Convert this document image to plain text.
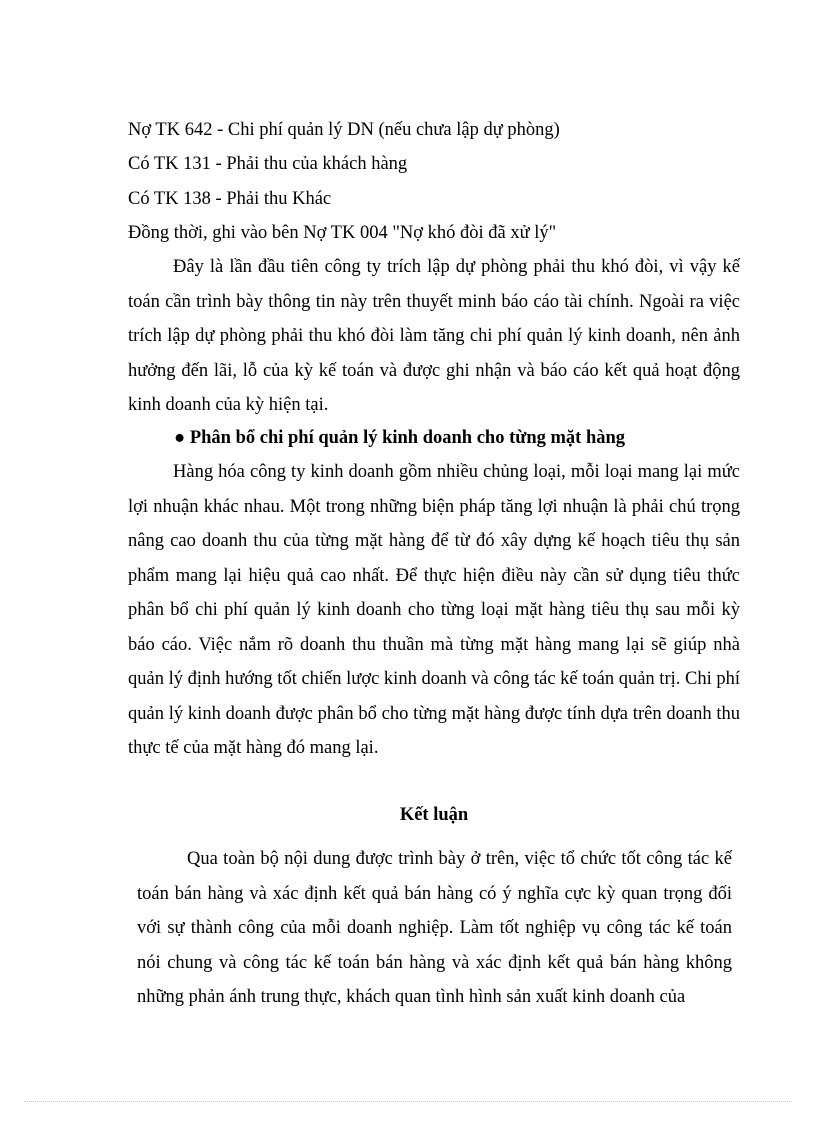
Nợ TK 642 - Chi phí quản lý DN (nếu chưa lập dự phòng)
Có TK 131 - Phải thu của khách hàng
Có TK 138 - Phải thu Khác
Đồng thời, ghi vào bên Nợ TK 004 "Nợ khó đòi đã xử lý"

Đây là lần đầu tiên công ty trích lập dự phòng phải thu khó đòi, vì vậy kế toán cần trình bày thông tin này trên thuyết minh báo cáo tài chính. Ngoài ra việc trích lập dự phòng phải thu khó đòi làm tăng chi phí quản lý kinh doanh, nên ảnh hưởng đến lãi, lỗ của kỳ kế toán và được ghi nhận và báo cáo kết quả hoạt động kinh doanh của kỳ hiện tại.

● Phân bổ chi phí quản lý kinh doanh cho từng mặt hàng

Hàng hóa công ty kinh doanh gồm nhiều chủng loại, mỗi loại mang lại mức lợi nhuận khác nhau. Một trong những biện pháp tăng lợi nhuận là phải chú trọng nâng cao doanh thu của từng mặt hàng để từ đó xây dựng kế hoạch tiêu thụ sản phẩm mang lại hiệu quả cao nhất. Để thực hiện điều này cần sử dụng tiêu thức phân bổ chi phí quản lý kinh doanh cho từng loại mặt hàng tiêu thụ sau mỗi kỳ báo cáo. Việc nắm rõ doanh thu thuần mà từng mặt hàng mang lại sẽ giúp nhà quản lý định hướng tốt chiến lược kinh doanh và công tác kế toán quản trị. Chi phí quản lý kinh doanh được phân bổ cho từng mặt hàng được tính dựa trên doanh thu thực tế của mặt hàng đó mang lại.

Kết luận

Qua toàn bộ nội dung được trình bày ở trên, việc tổ chức tốt công tác kế toán bán hàng và xác định kết quả bán hàng có ý nghĩa cực kỳ quan trọng đối với sự thành công của mỗi doanh nghiệp. Làm tốt nghiệp vụ công tác kế toán nói chung và công tác kế toán bán hàng và xác định kết quả bán hàng không những phản ánh trung thực, khách quan tình hình sản xuất kinh doanh của
